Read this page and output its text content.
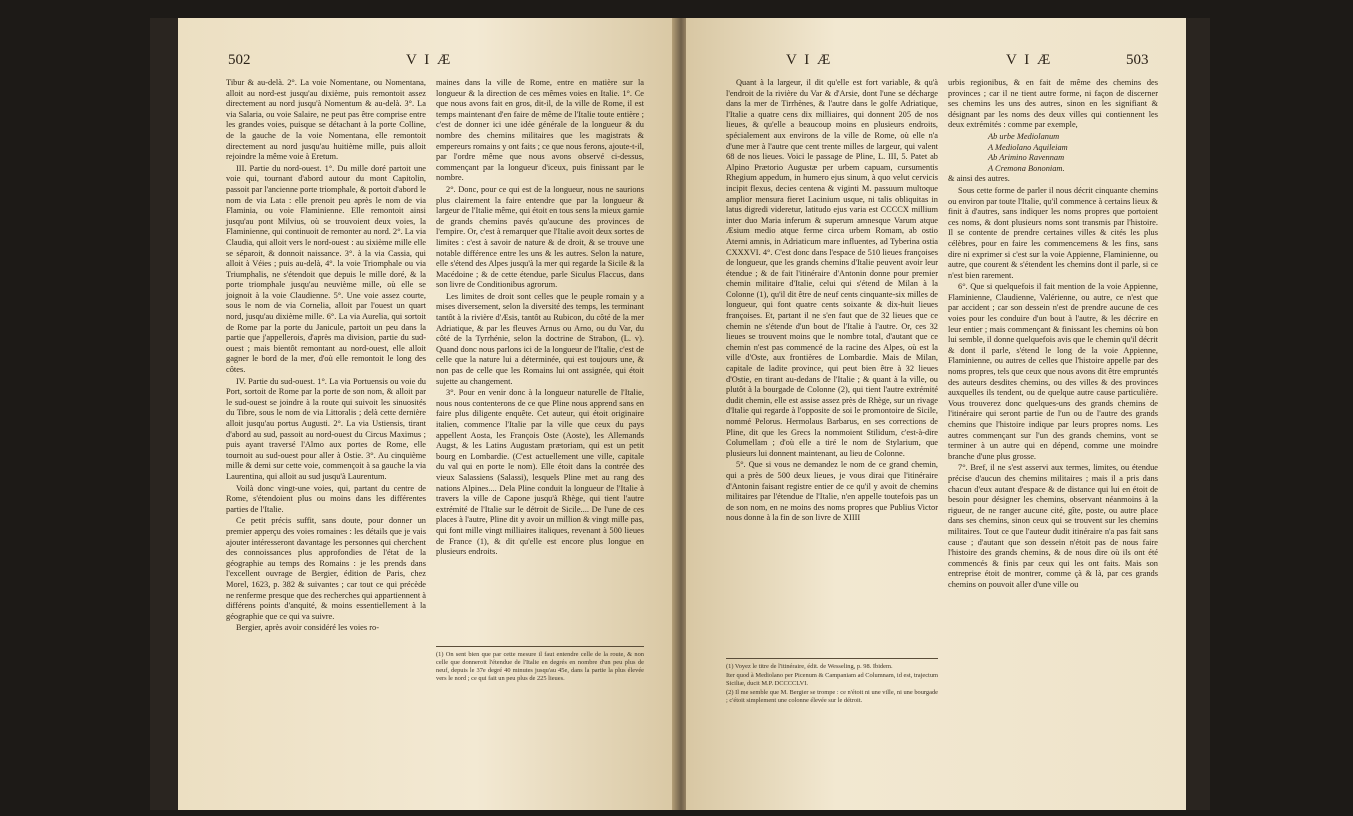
502	V I Æ

Tibur & au-delà. 2°. La voie Nomentane, ou Nomentana, alloit au nord-est jusqu'au dixième, puis remontoit assez directement au nord jusqu'à Nomentum & au-delà. 3°. La via Salaria, ou voie Salaire, ne peut pas être comprise entre les grandes voies, puisque se détachant à la porte Colline, de la gauche de la voie Nomentana, elle remontoit directement au nord jusqu'au huitième mille, puis alloit rejoindre la même voie à Eretum.

III. Partie du nord-ouest. 1°. Du mille doré partoit une voie qui, tournant d'abord autour du mont Capitolin, passoit par l'ancienne porte triomphale, & portoit d'abord le nom de via Lata : elle prenoit peu après le nom de via Flaminia, ou voie Flaminienne. Elle remontoit ainsi jusqu'au pont Milvius, où se trouvoient deux voies, la Flaminienne, qui continuoit de remonter au nord. 2°. La via Claudia, qui alloit vers le nord-ouest : au sixième mille elle se séparoit, & donnoit naissance. 3°. à la via Cassia, qui alloit à Véies ; puis au-delà, 4°. la voie Triomphale ou via Triumphalis, ne s'étendoit que depuis le mille doré, & la porte triomphale jusqu'au neuvième mille, où elle se joignoit à la voie Claudienne. 5°. Une voie assez courte, sous le nom de via Cornelia, alloit par l'ouest un quart nord, jusqu'au dixième mille. 6°. La via Aurelia, qui sortoit de Rome par la porte du Janicule, partoit un peu dans la partie que j'appellerois, d'après ma division, partie du sud-ouest ; mais bientôt remontant au nord-ouest, elle alloit gagner le bord de la mer, d'où elle remontoit le long des côtes.

IV. Partie du sud-ouest. 1°. La via Portuensis ou voie du Port, sortoit de Rome par la porte de son nom, & alloit par le sud-ouest se joindre à la route qui suivoit les sinuosités du Tibre, sous le nom de via Littoralis ; delà cette dernière alloit jusqu'au portus Augusti. 2°. La via Ustiensis, tirant d'abord au sud, passoit au nord-ouest du Circus Maximus ; puis ayant traversé l'Almo aux portes de Rome, elle tournoit au sud-ouest pour aller à Ostie. 3°. Au cinquième mille & demi sur cette voie, commençoit à sa gauche la via Laurentina, qui alloit au sud jusqu'à Laurentum.

Voilà donc vingt-une voies, qui, partant du centre de Rome, s'étendoient plus ou moins dans les différentes parties de l'Italie.

Ce petit précis suffit, sans doute, pour donner un premier apperçu des voies romaines : les détails que je vais ajouter intéresseront davantage les personnes qui cherchent des connoissances plus approfondies de l'état de la géographie au temps des Romains : je les prends dans l'excellent ouvrage de Bergier, édition de Paris, chez Morel, 1623, p. 382 & suivantes ; car tout ce qui précède ne renferme presque que des recherches qui appartiennent à différens points d'anquité, & moins essentiellement à la géographie que ce qui va suivre.

Bergier, après avoir considéré les voies ro-

maines dans la ville de Rome, entre en matière sur la longueur & la direction de ces mêmes voies en Italie. 1°. Ce que nous avons fait en gros, dit-il, de la ville de Rome, il est temps maintenant d'en faire de même de l'Italie toute entière ; c'est de donner ici une idée générale de la longueur & du nombre des chemins militaires que les magistrats & empereurs romains y ont faits ; ce que nous ferons, ajoute-t-il, par l'ordre même que nous avons observé ci-dessus, commençant par la longueur d'iceux, puis finissant par le nombre.

2°. Donc, pour ce qui est de la longueur, nous ne saurions plus clairement la faire entendre que par la longueur & largeur de l'Italie même, qui étoit en tous sens la mieux garnie de grands chemins pavés qu'aucune des provinces de l'empire. Or, c'est à remarquer que l'Italie avoit deux sortes de limites : c'est à savoir de nature & de droit, & se trouve une notable différence entre les uns & les autres. Selon la nature, elle s'étend des Alpes jusqu'à la mer qui regarde la Sicile & la Macédoine ; & de cette étendue, parle Siculus Flaccus, dans son livre de Conditionibus agrorum.

Les limites de droit sont celles que le peuple romain y a mises diversement, selon la diversité des temps, les terminant tantôt à la rivière d'Æsis, tantôt au Rubicon, du côté de la mer Adriatique, & par les fleuves Arnus ou Arno, ou du Var, du côté de la Tyrrhénie, selon la doctrine de Strabon, (L. v). Quand donc nous parlons ici de la longueur de l'Italie, c'est de celle que la nature lui a déterminée, qui est toujours une, & non pas de celle que les Romains lui ont assignée, qui étoit sujette au changement.

3°. Pour en venir donc à la longueur naturelle de l'Italie, nous nous contenterons de ce que Pline nous apprend sans en faire plus diligente enquête. Cet auteur, qui étoit originaire italien, commence l'Italie par la ville que ceux du pays appellent Aosta, les François Oste (Aoste), les Allemands Augst, & les Latins Augustam prætoriam, qui est un petit bourg en Lombardie. (C'est actuellement une ville, capitale du val qui en porte le nom). Elle étoit dans la contrée des vieux Salassiens (Salassi), lesquels Pline met au rang des nations Alpines.... Dela Pline conduit la longueur de l'Italie à travers la ville de Capone jusqu'à Rhège, qui tient l'autre extrémité de l'Italie sur le détroit de Sicile.... De l'une de ces places à l'autre, Pline dit y avoir un million & vingt mille pas, qui font mille vingt milliaires italiques, revenant à 500 lieues de France (1), & dit qu'elle est encore plus longue en plusieurs endroits.

(1) On sent bien que par cette mesure il faut entendre celle de la route, & non celle que donneroit l'étendue de l'Italie en degrés en nombre d'un peu plus de neuf, depuis le 37e degré 40 minutes jusqu'au 45e, dans la partie la plus élevée vers le nord ; ce qui fait un peu plus de 225 lieues.

V I Æ	V I Æ	503

Quant à la largeur, il dit qu'elle est fort variable, & qu'à l'endroit de la rivière du Var & d'Arsie, dont l'une se décharge dans la mer de Tirrhènes, & l'autre dans le golfe Adriatique, l'Italie a quatre cens dix milliaires, qui donnent 205 de nos lieues, & qu'elle a beaucoup moins en plusieurs endroits, spécialement aux environs de la ville de Rome, où elle n'a d'une mer à l'autre que cent trente milles de largeur, qui valent 68 de nos lieues. Voici le passage de Pline, L. III, 5. Patet ab Alpino Prætorio Augustæ per urbem capuam, cursumentis Rhegium appedum, in humero ejus sinum, à quo velut cervicis incipit flexus, decies centena & viginti M. passuum multoque amplior mensura fieret Lacinium usque, ni talis obliquitas in latus digredi videretur, latitudo ejus varia est CCCCX millium inter duo Maria inferum & superum amnesque Varum atque Æsium medio atque ferme circa urbem Romam, ab ostio Aterni amnis, in Adriaticum mare influentes, ad Tyberina ostia CXXXVI. 4°. C'est donc dans l'espace de 510 lieues françoises de longueur, que les grands chemins d'Italie peuvent avoir leur étendue ; & de fait l'itinéraire d'Antonin donne pour premier chemin militaire d'Italie, celui qui s'étend de Milan à la Colonne (1), qu'il dit être de neuf cents cinquante-six milles de longueur, qui font quatre cents soixante & dix-huit lieues françoises. Et, partant il ne s'en faut que de 32 lieues que ce chemin ne s'étende d'un bout de l'Italie à l'autre. Or, ces 32 lieues se trouvent moins que le nombre total, d'autant que ce chemin n'est pas commencé de la racine des Alpes, où est la ville d'Oste, aux frontières de Lombardie. Mais de Milan, capitale de ladite province, qui peut bien être à 32 lieues d'Ostie, en tirant au-dedans de l'Italie ; & quant à la ville, ou plutôt à la bourgade de Colonne (2), qui tient l'autre extrémité dudit chemin, elle est assise assez près de Rhège, sur un rivage d'Italie qui regarde à l'opposite de soi le promontoire de Sicile, nommé Pelorus. Hermolaus Barbarus, en ses corrections de Pline, dit que les Grecs la nommoient Stilidum, c'est-à-dire Columellam ; d'où elle a tiré le nom de Stylarium, que plusieurs lui donnent maintenant, au lieu de Colonne.

5°. Que si vous ne demandez le nom de ce grand chemin, qui a près de 500 deux lieues, je vous dirai que l'itinéraire d'Antonin faisant registre entier de ce qu'il y avoit de chemins militaires par l'étendue de l'Italie, n'en appelle toutefois pas un de son nom, en ne moins des noms propres que Publius Victor nous donne à la fin de son livre de XIIII

urbis regionibus, & en fait de même des chemins des provinces ; car il ne tient autre forme, ni façon de discerner ses chemins les uns des autres, sinon en les signifiant & désignant par les noms des deux villes qui contiennent les deux extrémités : comme par exemple,

Ab urbe Mediolanum

A Mediolano Aquileiam

Ab Arimino Ravennam

A Cremona Bononiam.

& ainsi des autres.

Sous cette forme de parler il nous décrit cinquante chemins ou environ par toute l'Italie, qu'il commence à certains lieux & finit à d'autres, sans indiquer les noms propres que portoient ces noms, & dont plusieurs noms sont transmis par l'histoire. Il se contente de prendre certaines villes & cités les plus célèbres, pour en faire les commencemens & les fins, sans dire ni exprimer si c'est sur la voie Appienne, Flaminienne, ou autre, que courent & s'étendent les chemins dont il parle, si ce n'est bien rarement.

6°. Que si quelquefois il fait mention de la voie Appienne, Flaminienne, Claudienne, Valérienne, ou autre, ce n'est que par accident ; car son dessein n'est de prendre aucune de ces voies pour les conduire d'un bout à l'autre, & les décrire en leur entier ; mais commençant & finissant les chemins où bon lui semble, il donne quelquefois avis que le chemin qu'il décrit & dont il parle, s'étend le long de la voie Appienne, Flaminienne, ou autres de celles que l'histoire appelle par des noms propres, tels que ceux que nous avons dit être empruntés des auteurs desdites chemins, ou des villes & des provinces auxquelles ils tendent, ou de quelque autre cause particulière. Vous trouverez donc quelques-uns des grands chemins de l'itinéraire qui seront partie de l'un ou de l'autre des grands chemins que l'histoire indique par leurs propres noms. Les autres commençant sur l'un des grands chemins, vont se terminer à un autre qui en dépend, comme une moindre branche d'une plus grosse.

7°. Bref, il ne s'est asservi aux termes, limites, ou étendue précise d'aucun des chemins militaires ; mais il a pris dans chacun d'eux autant d'espace & de distance qui lui en étoit de besoin pour désigner les chemins, observant néanmoins à la rigueur, de ne ranger aucune cité, gîte, poste, ou autre place dans ses chemins, sinon ceux qui se trouvent sur les chemins militaires. Tout ce que l'auteur dudit itinéraire n'a pas fait sans cause ; d'autant que son dessein n'étoit pas de nous faire l'histoire des grands chemins, & de nous dire où ils ont été commencés & finis par ceux qui les ont faits. Mais son entreprise étoit de montrer, comme çà & là, par ces grands chemins on pouvoit aller d'une ville ou

(1) Voyez le titre de l'itinéraire, édit. de Wesseling, p. 98. Ibidem.

Iter quod à Mediolano per Picenum & Campaniam ad Columnam, id est, trajectum Siciliæ, ducit M.P. DCCCCLVI.

(2) Il me semble que M. Bergier se trompe : ce n'étoit ni une ville, ni une bourgade ; c'étoit simplement une colonne élevée sur le détroit.
